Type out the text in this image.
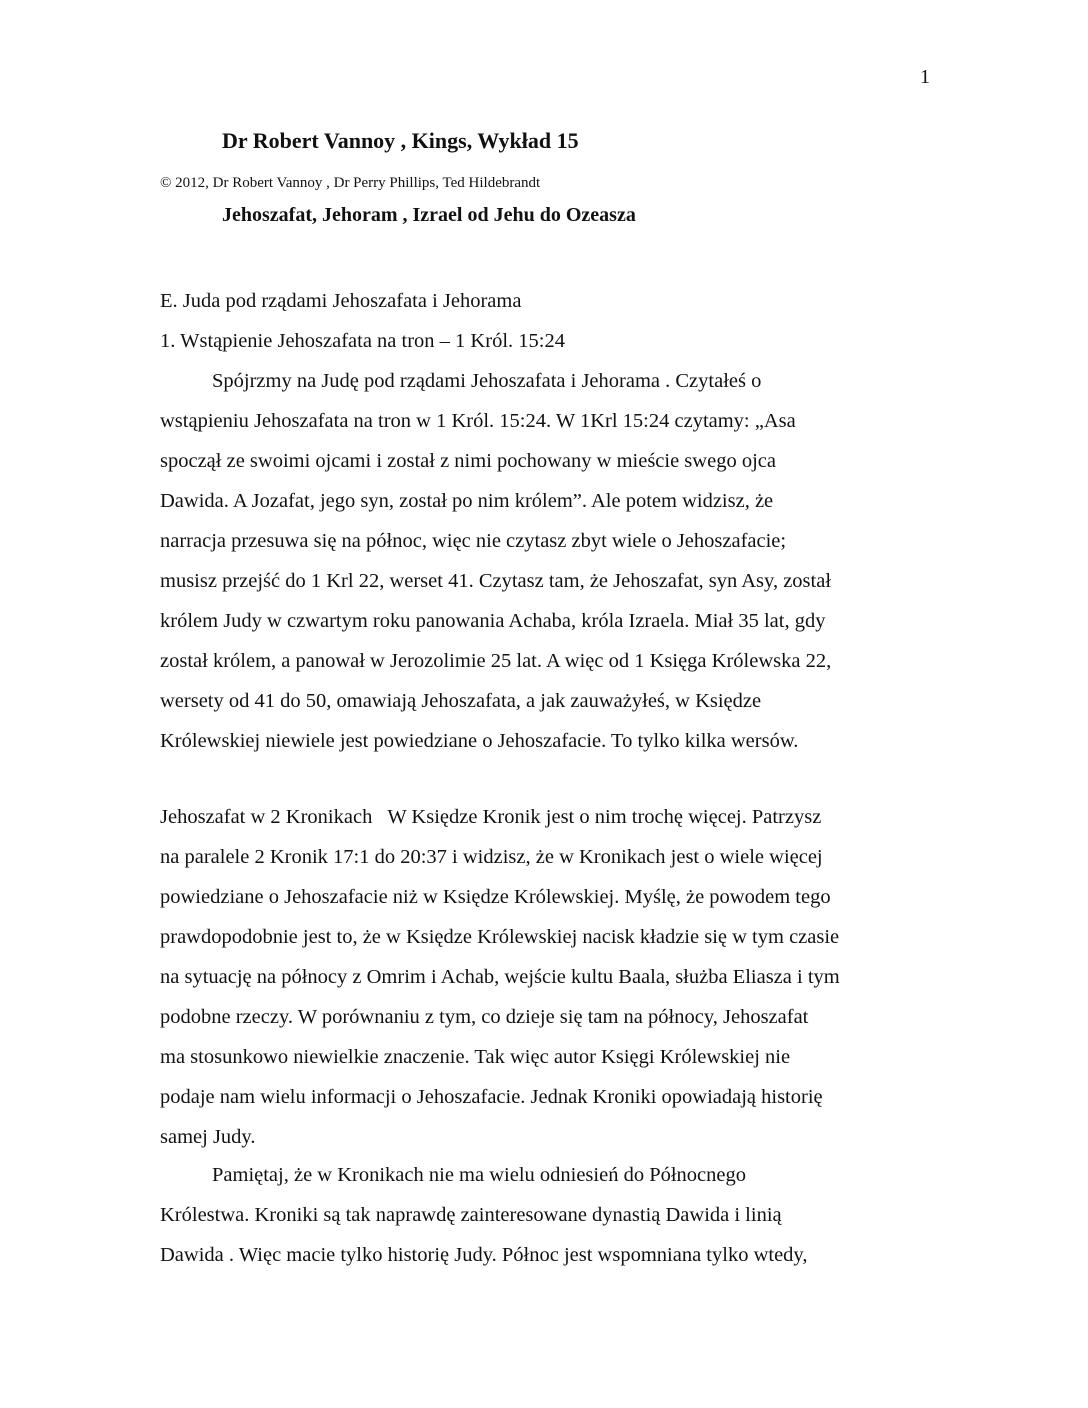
1
Dr Robert Vannoy , Kings, Wykład 15
© 2012, Dr Robert Vannoy , Dr Perry Phillips, Ted Hildebrandt
Jehoszafat, Jehoram , Izrael od Jehu do Ozeasza
E. Juda pod rządami Jehoszafata i Jehorama
1. Wstąpienie Jehoszafata na tron – 1 Król. 15:24
Spójrzmy na Judę pod rządami Jehoszafata i Jehorama . Czytałeś o
wstąpieniu Jehoszafata na tron w 1 Król. 15:24. W 1Krl 15:24 czytamy: „Asa
spoczął ze swoimi ojcami i został z nimi pochowany w mieście swego ojca
Dawida. A Jozafat, jego syn, został po nim królem”. Ale potem widzisz, że
narracja przesuwa się na północ, więc nie czytasz zbyt wiele o Jehoszafacie;
musisz przejść do 1 Krl 22, werset 41. Czytasz tam, że Jehoszafat, syn Asy, został
królem Judy w czwartym roku panowania Achaba, króla Izraela. Miał 35 lat, gdy
został królem, a panował w Jerozolimie 25 lat. A więc od 1 Księga Królewska 22,
wersety od 41 do 50, omawiają Jehoszafata, a jak zauważyłeś, w Księdze
Królewskiej niewiele jest powiedziane o Jehoszafacie. To tylko kilka wersów.
Jehoszafat w 2 Kronikach   W Księdze Kronik jest o nim trochę więcej. Patrzysz
na paralele 2 Kronik 17:1 do 20:37 i widzisz, że w Kronikach jest o wiele więcej
powiedziane o Jehoszafacie niż w Księdze Królewskiej. Myślę, że powodem tego
prawdopodobnie jest to, że w Księdze Królewskiej nacisk kładzie się w tym czasie
na sytuację na północy z Omrim i Achab, wejście kultu Baala, służba Eliasza i tym
podobne rzeczy. W porównaniu z tym, co dzieje się tam na północy, Jehoszafat
ma stosunkowo niewielkie znaczenie. Tak więc autor Księgi Królewskiej nie
podaje nam wielu informacji o Jehoszafacie. Jednak Kroniki opowiadają historię
samej Judy.
Pamiętaj, że w Kronikach nie ma wielu odniesień do Północnego
Królestwa. Kroniki są tak naprawdę zainteresowane dynastią Dawida i linią
Dawida . Więc macie tylko historię Judy. Północ jest wspomniana tylko wtedy,
